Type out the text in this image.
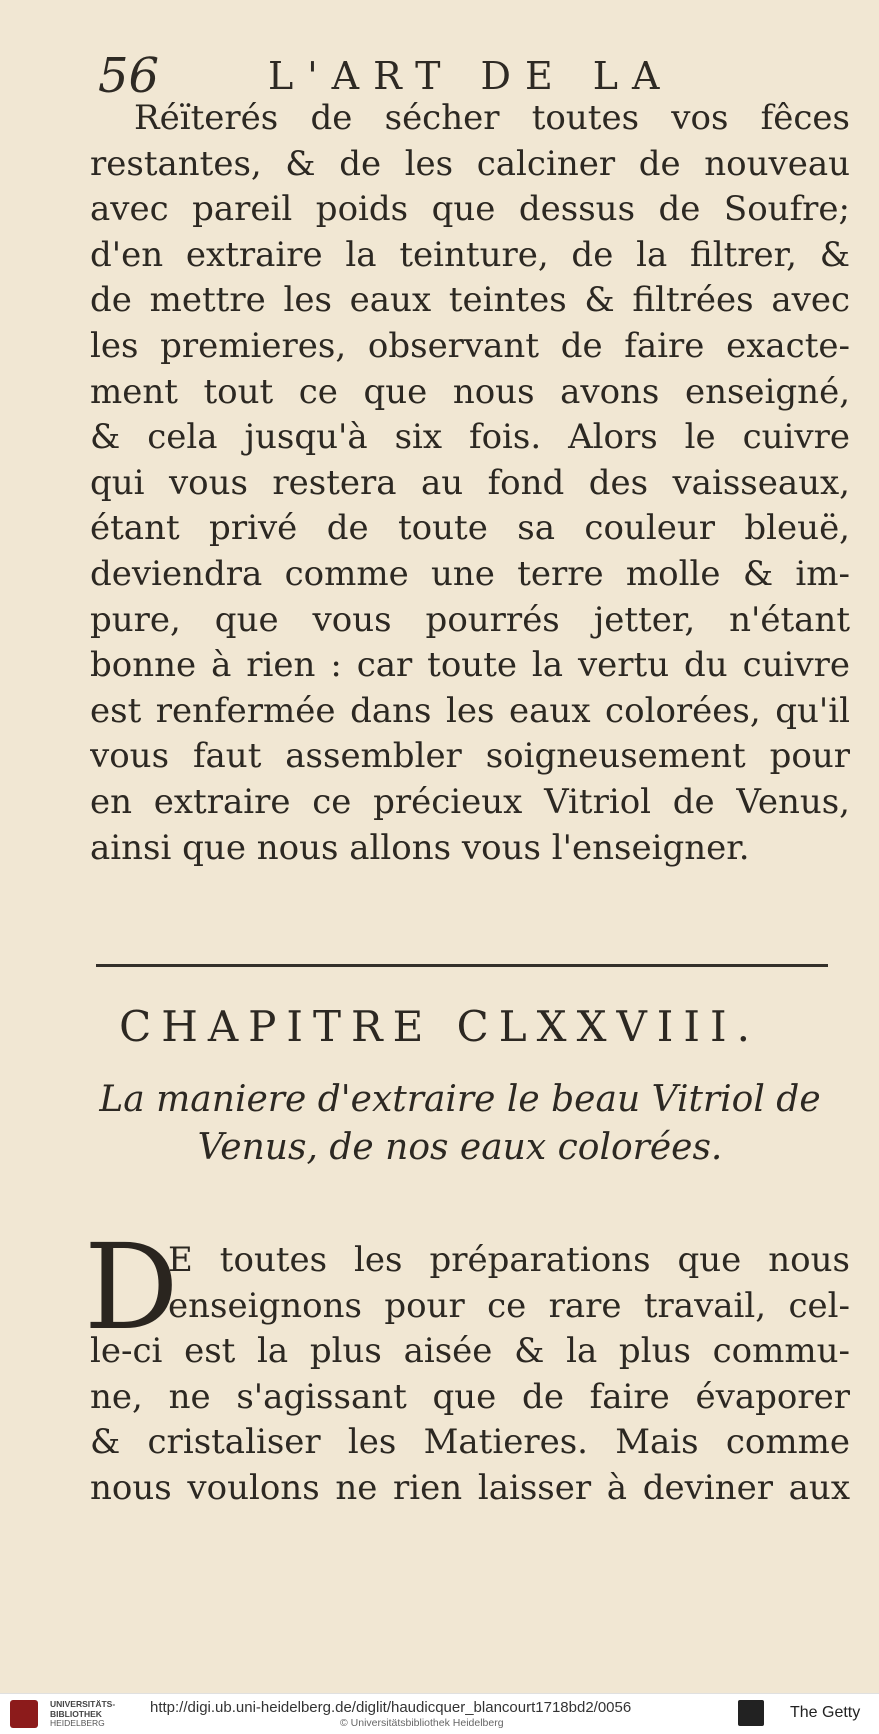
56	L'ART DE LA
Réïterés de sécher toutes vos fêces
restantes, & de les calciner de nouveau
avec pareil poids que dessus de Soufre;
d'en extraire la teinture, de la filtrer, &
de mettre les eaux teintes & filtrées avec
les premieres, observant de faire exacte-
ment tout ce que nous avons enseigné,
& cela jusqu'à six fois. Alors le cuivre
qui vous restera au fond des vaisseaux,
étant privé de toute sa couleur bleuë,
deviendra comme une terre molle & im-
pure, que vous pourrés jetter, n'étant
bonne à rien : car toute la vertu du cuivre
est renfermée dans les eaux colorées, qu'il
vous faut assembler soigneusement pour
en extraire ce précieux Vitriol de Venus,
ainsi que nous allons vous l'enseigner.
CHAPITRE CLXXVIII.
La maniere d'extraire le beau Vitriol de
Venus, de nos eaux colorées.
D
E toutes les préparations que nous
enseignons pour ce rare travail, cel-
le-ci est la plus aisée & la plus commu-
ne, ne s'agissant que de faire évaporer
& cristaliser les Matieres. Mais comme
nous voulons ne rien laisser à deviner aux
UNIVERSITÄTS-
BIBLIOTHEK
HEIDELBERG
http://digi.ub.uni-heidelberg.de/diglit/haudicquer_blancourt1718bd2/0056
© Universitätsbibliothek Heidelberg
The Getty
